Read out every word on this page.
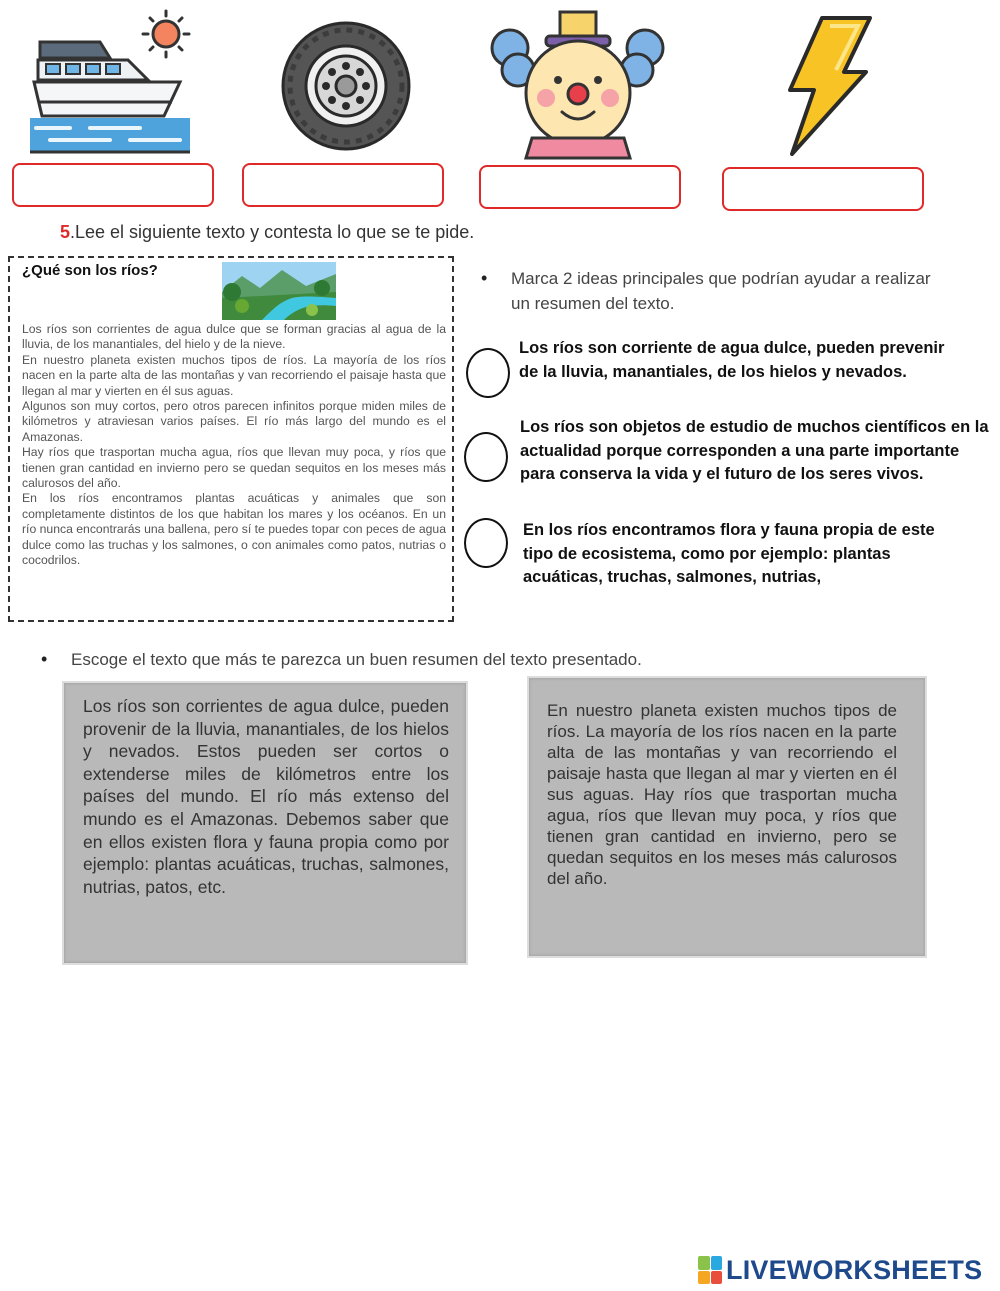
5.Lee el siguiente texto y contesta lo que se te pide.
¿Qué son los ríos?

Los ríos son corrientes de agua dulce que se forman gracias al agua de la lluvia, de los manantiales, del hielo y de la nieve.

En nuestro planeta existen muchos tipos de ríos. La mayoría de los ríos nacen en la parte alta de las montañas y van recorriendo el paisaje hasta que llegan al mar y vierten en él sus aguas.

Algunos son muy cortos, pero otros parecen infinitos porque miden miles de kilómetros y atraviesan varios países. El río más largo del mundo es el Amazonas.

Hay ríos que trasportan mucha agua, ríos que llevan muy poca, y ríos que tienen gran cantidad en invierno pero se quedan sequitos en los meses más calurosos del año.

En los ríos encontramos plantas acuáticas y animales que son completamente distintos de los que habitan los mares y los océanos. En un río nunca encontrarás una ballena, pero sí te puedes topar con peces de agua dulce como las truchas y los salmones, o con animales como patos, nutrias o cocodrilos.

• Marca 2 ideas principales que podrían ayudar a realizar un resumen del texto.
Los ríos son corriente de agua dulce, pueden prevenir de la lluvia, manantiales, de los hielos y nevados.
Los ríos son objetos de estudio de muchos científicos en la actualidad porque corresponden a una parte importante para conserva la vida y el futuro de los seres vivos.
En los ríos encontramos flora y fauna propia de este tipo de ecosistema, como por ejemplo: plantas acuáticas, truchas, salmones, nutrias,
• Escoge el texto que más te parezca un buen resumen del texto presentado.
Los ríos son corrientes de agua dulce, pueden provenir de la lluvia, manantiales, de los hielos y nevados. Estos pueden ser cortos o extenderse miles de kilómetros entre los países del mundo. El río más extenso del mundo es el Amazonas. Debemos saber que en ellos existen flora y fauna propia como por ejemplo: plantas acuáticas, truchas, salmones, nutrias, patos, etc.
En nuestro planeta existen muchos tipos de ríos. La mayoría de los ríos nacen en la parte alta de las montañas y van recorriendo el paisaje hasta que llegan al mar y vierten en él sus aguas. Hay ríos que trasportan mucha agua, ríos que llevan muy poca, y ríos que tienen gran cantidad en invierno, pero se quedan sequitos en los meses más calurosos del año.
LIVEWORKSHEETS
